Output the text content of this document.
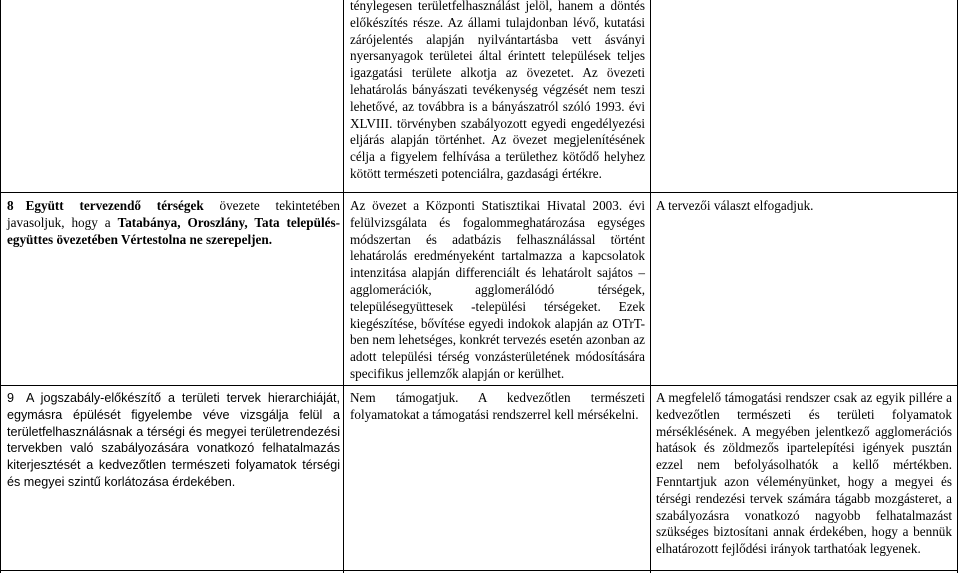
ténylegesen területfelhasználást jelöl, hanem a döntés előkészítés része. Az állami tulajdonban lévő, kutatási zárójelentés alapján nyilvántartásba vett ásványi nyersanyagok területei által érintett települések teljes igazgatási területe alkotja az övezetet. Az övezeti lehatárolás bányászati tevékenység végzését nem teszi lehetővé, az továbbra is a bányászatról szóló 1993. évi XLVIII. törvényben szabályozott egyedi engedélyezési eljárás alapján történhet. Az övezet megjelenítésének célja a figyelem felhívása a területhez kötődő helyhez kötött természeti potenciálra, gazdasági értékre.
8 Együtt tervezendő térségek övezete tekintetében javasoljuk, hogy a Tatabánya, Oroszlány, Tata település-együttes övezetében Vértestolna ne szerepeljen.
Az övezet a Központi Statisztikai Hivatal 2003. évi felülvizsgálata és fogalommeghatározása egységes módszertan és adatbázis felhasználással történt lehatárolás eredményeként tartalmazza a kapcsolatok intenzitása alapján differenciált és lehatárolt sajátos – agglomerációk, agglomerálódó térségek, településegyüttesek -települési térségeket. Ezek kiegészítése, bővítése egyedi indokok alapján az OTrT-ben nem lehetséges, konkrét tervezés esetén azonban az adott települési térség vonzásterületének módosítására specifikus jellemzők alapján or kerülhet.
A tervezői választ elfogadjuk.
9 A jogszabály-előkészítő a területi tervek hierarchiáját, egymásra épülését figyelembe véve vizsgálja felül a területfelhasználásnak a térségi és megyei területrendezési tervekben való szabályozására vonatkozó felhatalmazás kiterjesztését a kedvezőtlen természeti folyamatok térségi és megyei szintű korlátozása érdekében.
Nem támogatjuk. A kedvezőtlen természeti folyamatokat a támogatási rendszerrel kell mérsékelni.
A megfelelő támogatási rendszer csak az egyik pillére a kedvezőtlen természeti és területi folyamatok mérséklésének. A megyében jelentkező agglomerációs hatások és zöldmezős ipartelepítési igények pusztán ezzel nem befolyásolhatók a kellő mértékben. Fenntartjuk azon véleményünket, hogy a megyei és térségi rendezési tervek számára tágabb mozgásteret, a szabályozásra vonatkozó nagyobb felhatalmazást szükséges biztosítani annak érdekében, hogy a bennük elhatározott fejlődési irányok tarthatóak legyenek.
